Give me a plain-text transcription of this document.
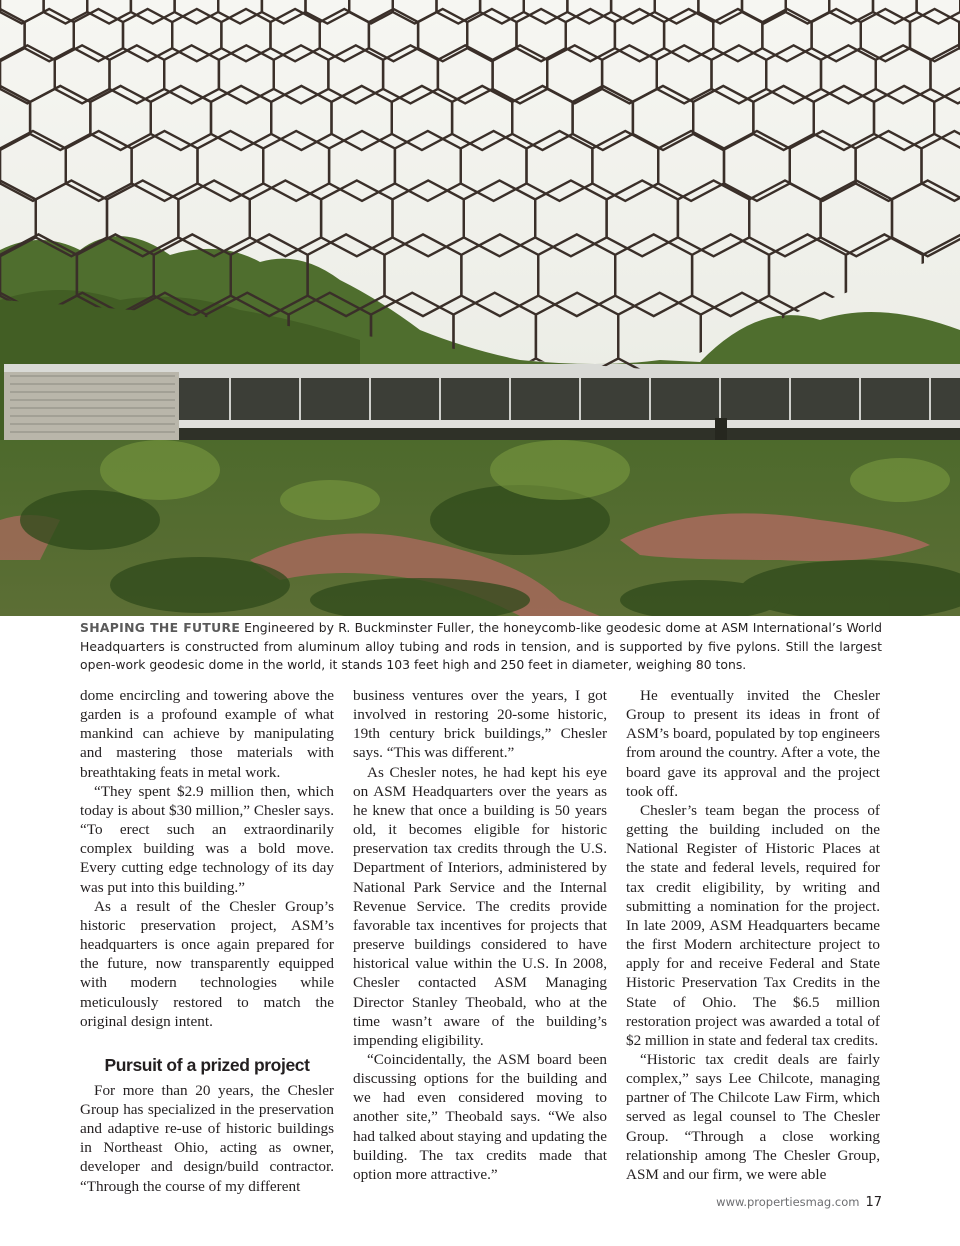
SHAPING THE FUTURE Engineered by R. Buckminster Fuller, the honeycomb-like geodesic dome at ASM International’s World Headquarters is constructed from aluminum alloy tubing and rods in tension, and is supported by five pylons. Still the largest open-work geodesic dome in the world, it stands 103 feet high and 250 feet in diameter, weighing 80 tons.

dome encircling and towering above the garden is a profound example of what mankind can achieve by manipulating and mastering those materials with breathtaking feats in metal work.

“They spent $2.9 million then, which today is about $30 million,” Chesler says. “To erect such an extraordinarily complex building was a bold move. Every cutting edge technology of its day was put into this building.”

As a result of the Chesler Group’s historic preservation project, ASM’s headquarters is once again prepared for the future, now transparently equipped with modern technologies while meticulously restored to match the original design intent.

Pursuit of a prized project

For more than 20 years, the Chesler Group has specialized in the preservation and adaptive re-use of historic buildings in Northeast Ohio, acting as owner, developer and design/build contractor. “Through the course of my different

business ventures over the years, I got involved in restoring 20-some historic, 19th century brick buildings,” Chesler says. “This was different.”

As Chesler notes, he had kept his eye on ASM Headquarters over the years as he knew that once a building is 50 years old, it becomes eligible for historic preservation tax credits through the U.S. Department of Interiors, administered by National Park Service and the Internal Revenue Service. The credits provide favorable tax incentives for projects that preserve buildings considered to have historical value within the U.S. In 2008, Chesler contacted ASM Managing Director Stanley Theobald, who at the time wasn’t aware of the building’s impending eligibility.

“Coincidentally, the ASM board been discussing options for the building and we had even considered moving to another site,” Theobald says. “We also had talked about staying and updating the building. The tax credits made that option more attractive.”

He eventually invited the Chesler Group to present its ideas in front of ASM’s board, populated by top engineers from around the country. After a vote, the board gave its approval and the project took off.

Chesler’s team began the process of getting the building included on the National Register of Historic Places at the state and federal levels, required for tax credit eligibility, by writing and submitting a nomination for the project. In late 2009, ASM Headquarters became the first Modern architecture project to apply for and receive Federal and State Historic Preservation Tax Credits in the State of Ohio. The $6.5 million restoration project was awarded a total of $2 million in state and federal tax credits.

“Historic tax credit deals are fairly complex,” says Lee Chilcote, managing partner of The Chilcote Law Firm, which served as legal counsel to The Chesler Group. “Through a close working relationship among The Chesler Group, ASM and our firm, we were able

www.propertiesmag.com 17
